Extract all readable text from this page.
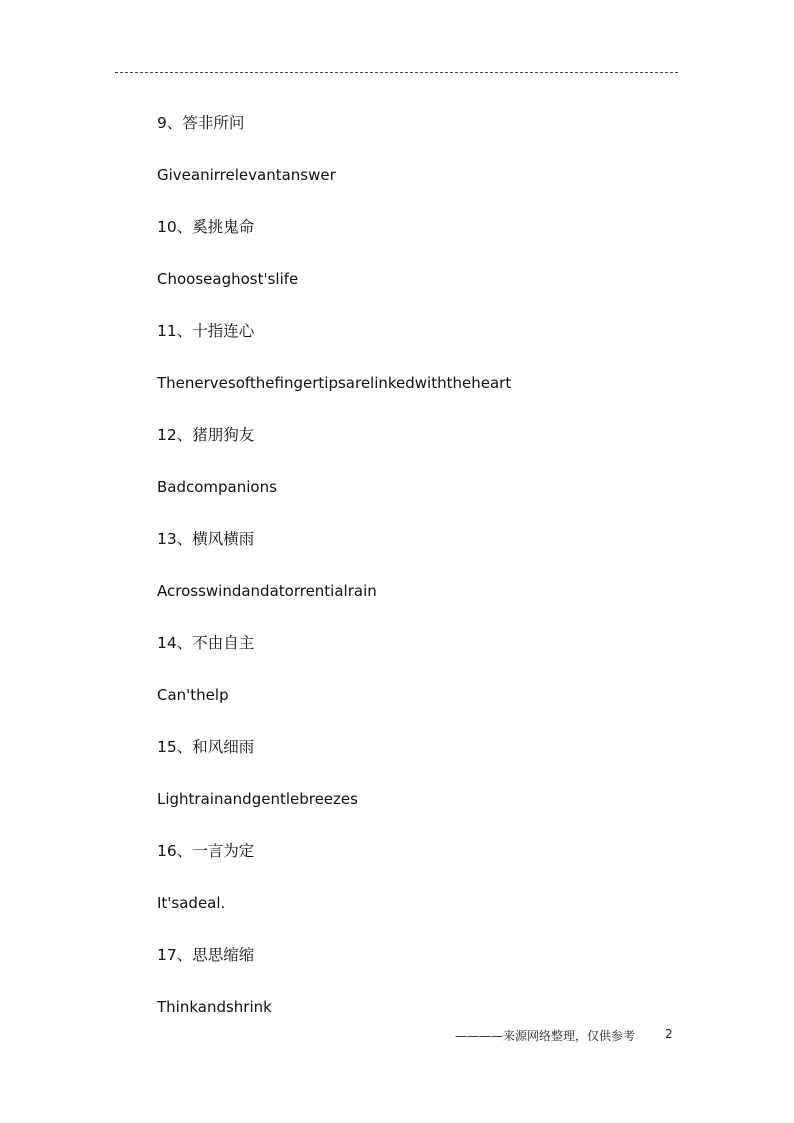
9、答非所问
Giveanirrelevantanswer
10、奚挑鬼命
Chooseaghost'slife
11、十指连心
Thenervesofthefingertipsarelinkedwiththeheart
12、猪朋狗友
Badcompanions
13、横风横雨
Acrosswindandatorrentialrain
14、不由自主
Can'thelp
15、和风细雨
Lightrainandgentlebreezes
16、一言为定
It'sadeal.
17、思思缩缩
Thinkandshrink
————来源网络整理，仅供参考 2
